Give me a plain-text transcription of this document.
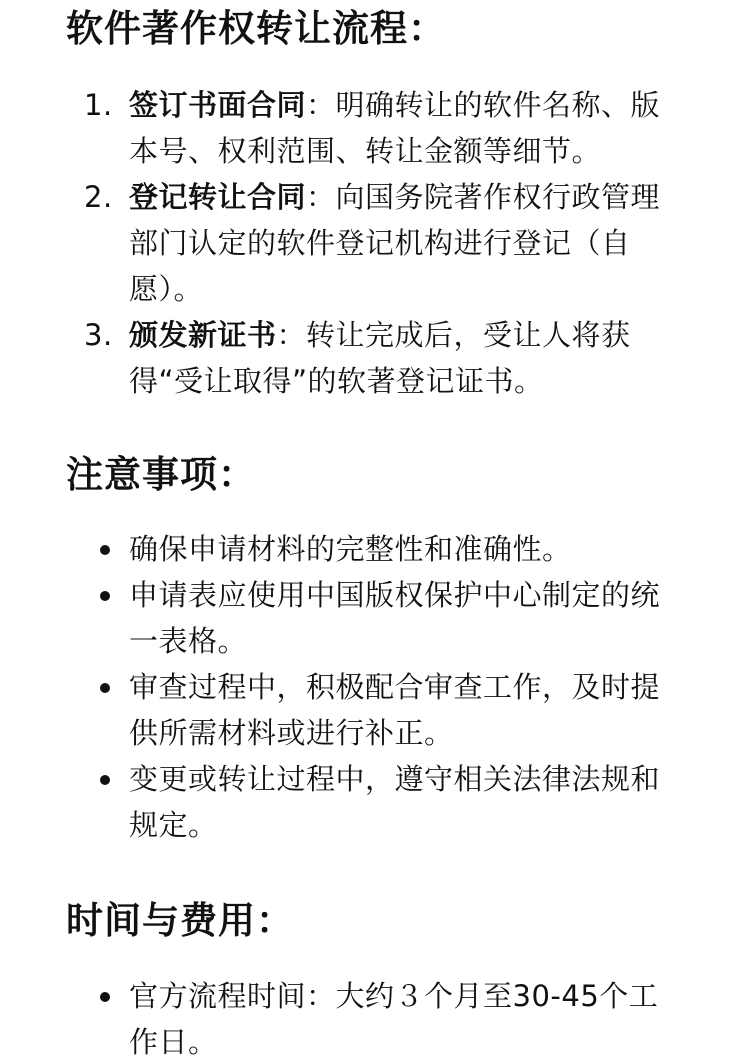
软件著作权转让流程：
1. 签订书面合同：明确转让的软件名称、版本号、权利范围、转让金额等细节。
2. 登记转让合同：向国务院著作权行政管理部门认定的软件登记机构进行登记（自愿）。
3. 颁发新证书：转让完成后，受让人将获得“受让取得”的软著登记证书。
注意事项：
确保申请材料的完整性和准确性。
申请表应使用中国版权保护中心制定的统一表格。
审查过程中，积极配合审查工作，及时提供所需材料或进行补正。
变更或转让过程中，遵守相关法律法规和规定。
时间与费用：
官方流程时间：大约３个月至30-45个工作日。
